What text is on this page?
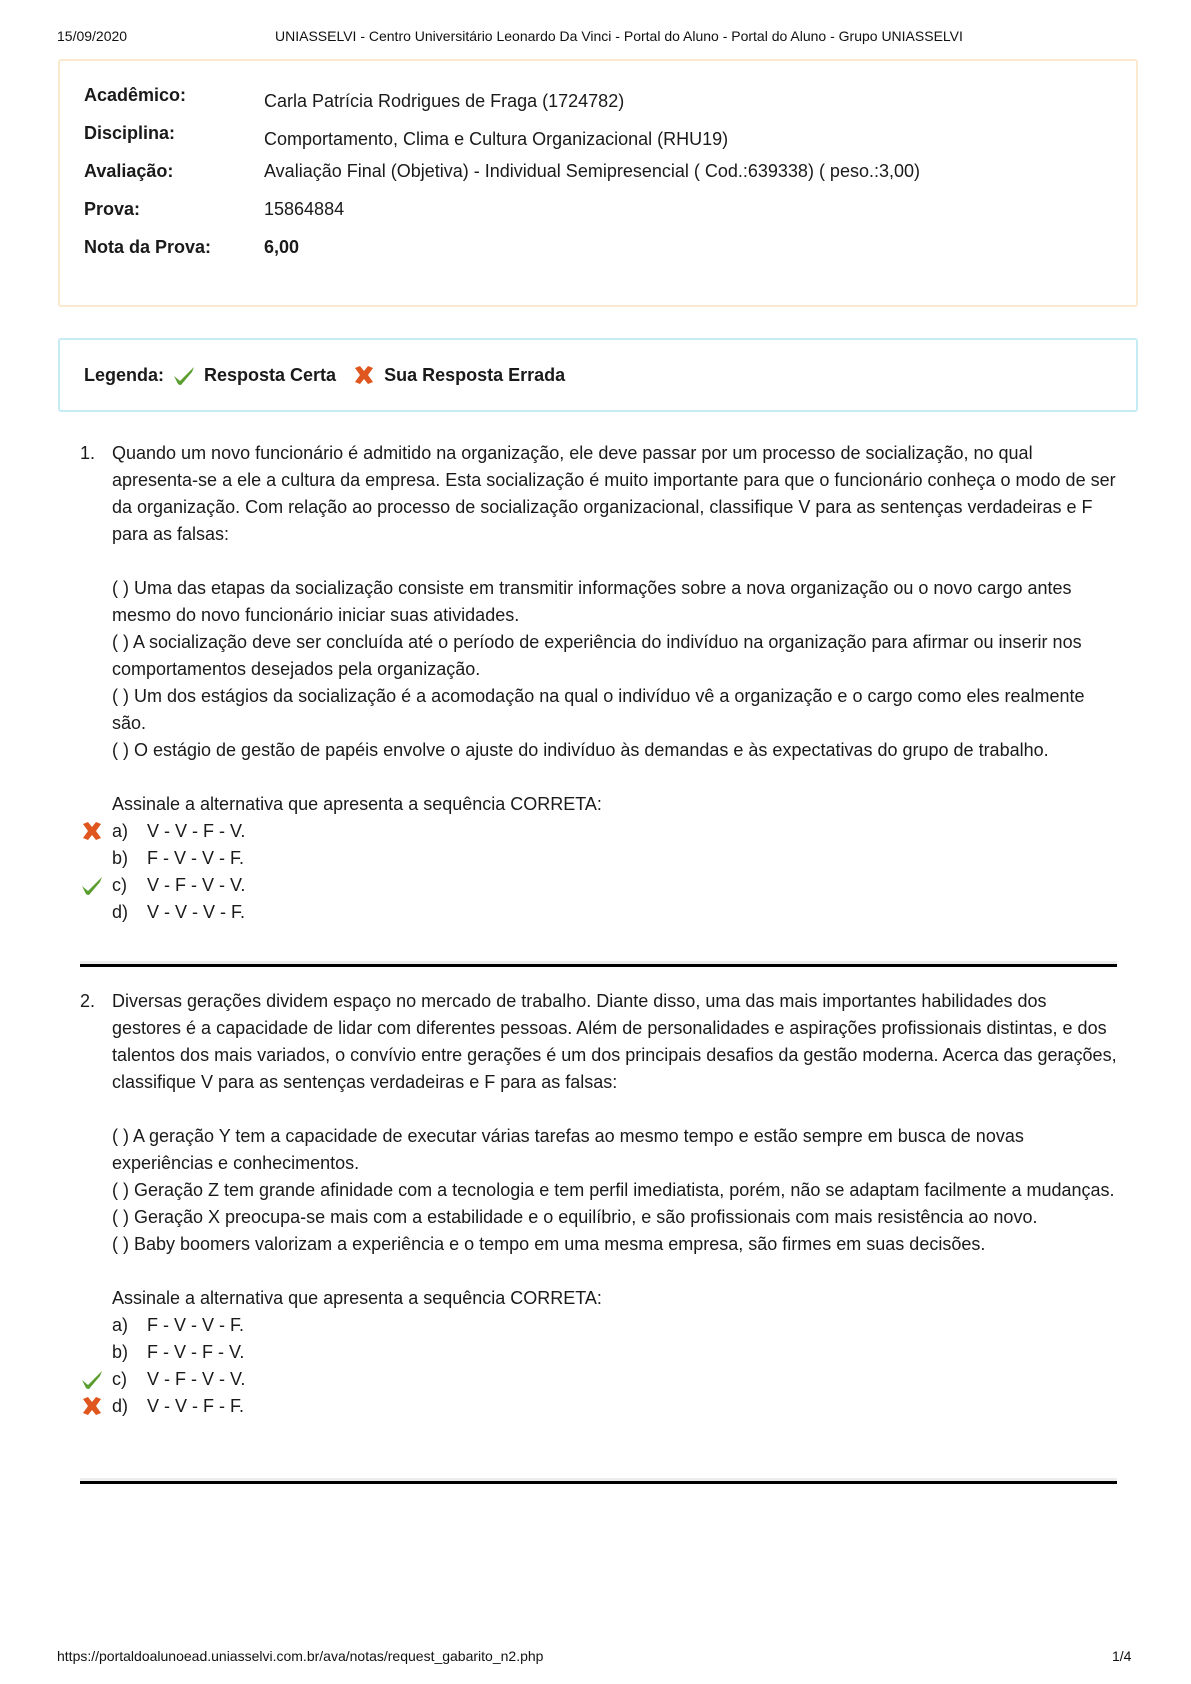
15/09/2020	UNIASSELVI - Centro Universitário Leonardo Da Vinci - Portal do Aluno - Portal do Aluno - Grupo UNIASSELVI
Acadêmico:	Carla Patrícia Rodrigues de Fraga (1724782)
Disciplina:	Comportamento, Clima e Cultura Organizacional (RHU19)
Avaliação:	Avaliação Final (Objetiva) - Individual Semipresencial ( Cod.:639338) ( peso.:3,00)
Prova:	15864884
Nota da Prova:	6,00
Legenda: Resposta Certa	Sua Resposta Errada
1. Quando um novo funcionário é admitido na organização, ele deve passar por um processo de socialização, no qual apresenta-se a ele a cultura da empresa. Esta socialização é muito importante para que o funcionário conheça o modo de ser da organização. Com relação ao processo de socialização organizacional, classifique V para as sentenças verdadeiras e F para as falsas:
( ) Uma das etapas da socialização consiste em transmitir informações sobre a nova organização ou o novo cargo antes mesmo do novo funcionário iniciar suas atividades.
( ) A socialização deve ser concluída até o período de experiência do indivíduo na organização para afirmar ou inserir nos comportamentos desejados pela organização.
( ) Um dos estágios da socialização é a acomodação na qual o indivíduo vê a organização e o cargo como eles realmente são.
( ) O estágio de gestão de papéis envolve o ajuste do indivíduo às demandas e às expectativas do grupo de trabalho.
Assinale a alternativa que apresenta a sequência CORRETA:
a) V - V - F - V.
b) F - V - V - F.
c) V - F - V - V.
d) V - V - V - F.
2. Diversas gerações dividem espaço no mercado de trabalho. Diante disso, uma das mais importantes habilidades dos gestores é a capacidade de lidar com diferentes pessoas. Além de personalidades e aspirações profissionais distintas, e dos talentos dos mais variados, o convívio entre gerações é um dos principais desafios da gestão moderna. Acerca das gerações, classifique V para as sentenças verdadeiras e F para as falsas:
( ) A geração Y tem a capacidade de executar várias tarefas ao mesmo tempo e estão sempre em busca de novas experiências e conhecimentos.
( ) Geração Z tem grande afinidade com a tecnologia e tem perfil imediatista, porém, não se adaptam facilmente a mudanças.
( ) Geração X preocupa-se mais com a estabilidade e o equilíbrio, e são profissionais com mais resistência ao novo.
( ) Baby boomers valorizam a experiência e o tempo em uma mesma empresa, são firmes em suas decisões.
Assinale a alternativa que apresenta a sequência CORRETA:
a) F - V - V - F.
b) F - V - F - V.
c) V - F - V - V.
d) V - V - F - F.
https://portaldoalunoead.uniasselvi.com.br/ava/notas/request_gabarito_n2.php	1/4
